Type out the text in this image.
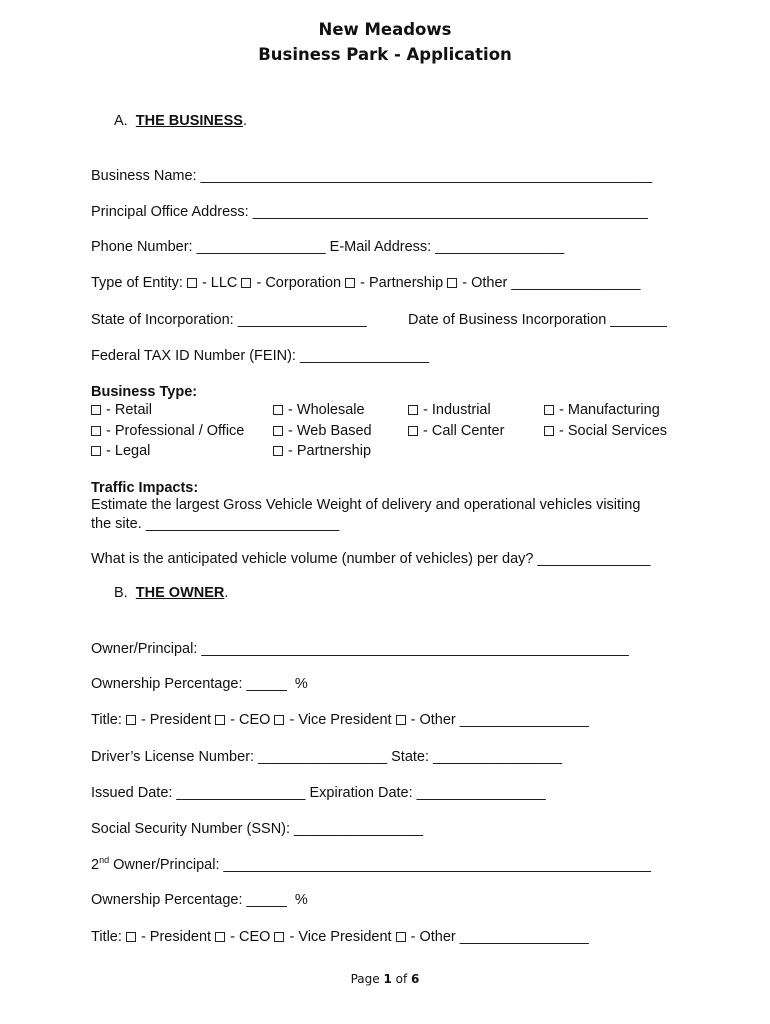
New Meadows
Business Park - Application
A.  THE BUSINESS.
Business Name: ________________________________________________________
Principal Office Address: _________________________________________________
Phone Number: ________________ E-Mail Address: ________________
Type of Entity:  - LLC  - Corporation  - Partnership  - Other ________________
State of Incorporation: ________________	Date of Business Incorporation _______
Federal TAX ID Number (FEIN): ________________
Business Type:
- Retail
- Professional / Office
- Legal
- Wholesale
- Web Based
- Partnership
- Industrial
- Call Center
- Manufacturing
- Social Services
Traffic Impacts:
Estimate the largest Gross Vehicle Weight of delivery and operational vehicles visiting
the site. ________________________
What is the anticipated vehicle volume (number of vehicles) per day? ______________
B.  THE OWNER.
Owner/Principal: _____________________________________________________
Ownership Percentage: _____  %
Title:  - President  - CEO  - Vice President  - Other ________________
Driver’s License Number: ________________ State: ________________
Issued Date: ________________ Expiration Date: ________________
Social Security Number (SSN): ________________
2nd Owner/Principal: _____________________________________________________
Ownership Percentage: _____  %
Title:  - President  - CEO  - Vice President  - Other ________________
Page 1 of 6
